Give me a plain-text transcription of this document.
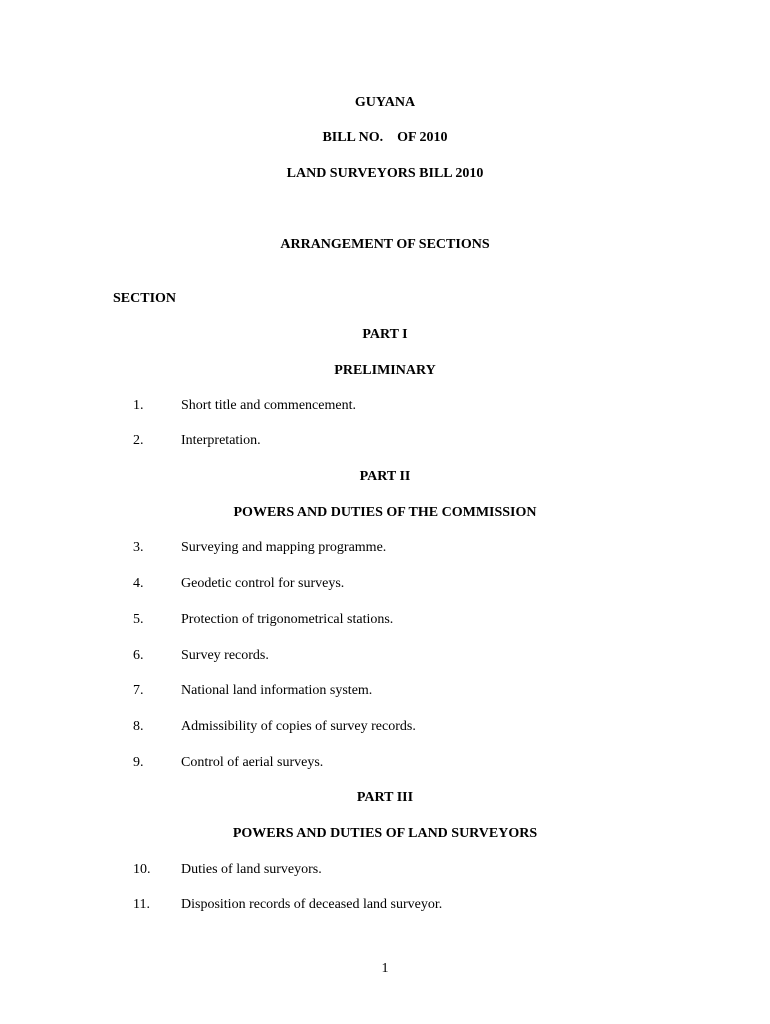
GUYANA
BILL NO.    OF 2010
LAND SURVEYORS BILL 2010
ARRANGEMENT OF SECTIONS
SECTION
PART I
PRELIMINARY
1.	Short title and commencement.
2.	Interpretation.
PART II
POWERS AND DUTIES OF THE COMMISSION
3.	Surveying and mapping programme.
4.	Geodetic control for surveys.
5.	Protection of trigonometrical stations.
6.	Survey records.
7.	National land information system.
8.	Admissibility of copies of survey records.
9.	Control of aerial surveys.
PART III
POWERS AND DUTIES OF LAND SURVEYORS
10.	Duties of land surveyors.
11.	Disposition records of deceased land surveyor.
1
